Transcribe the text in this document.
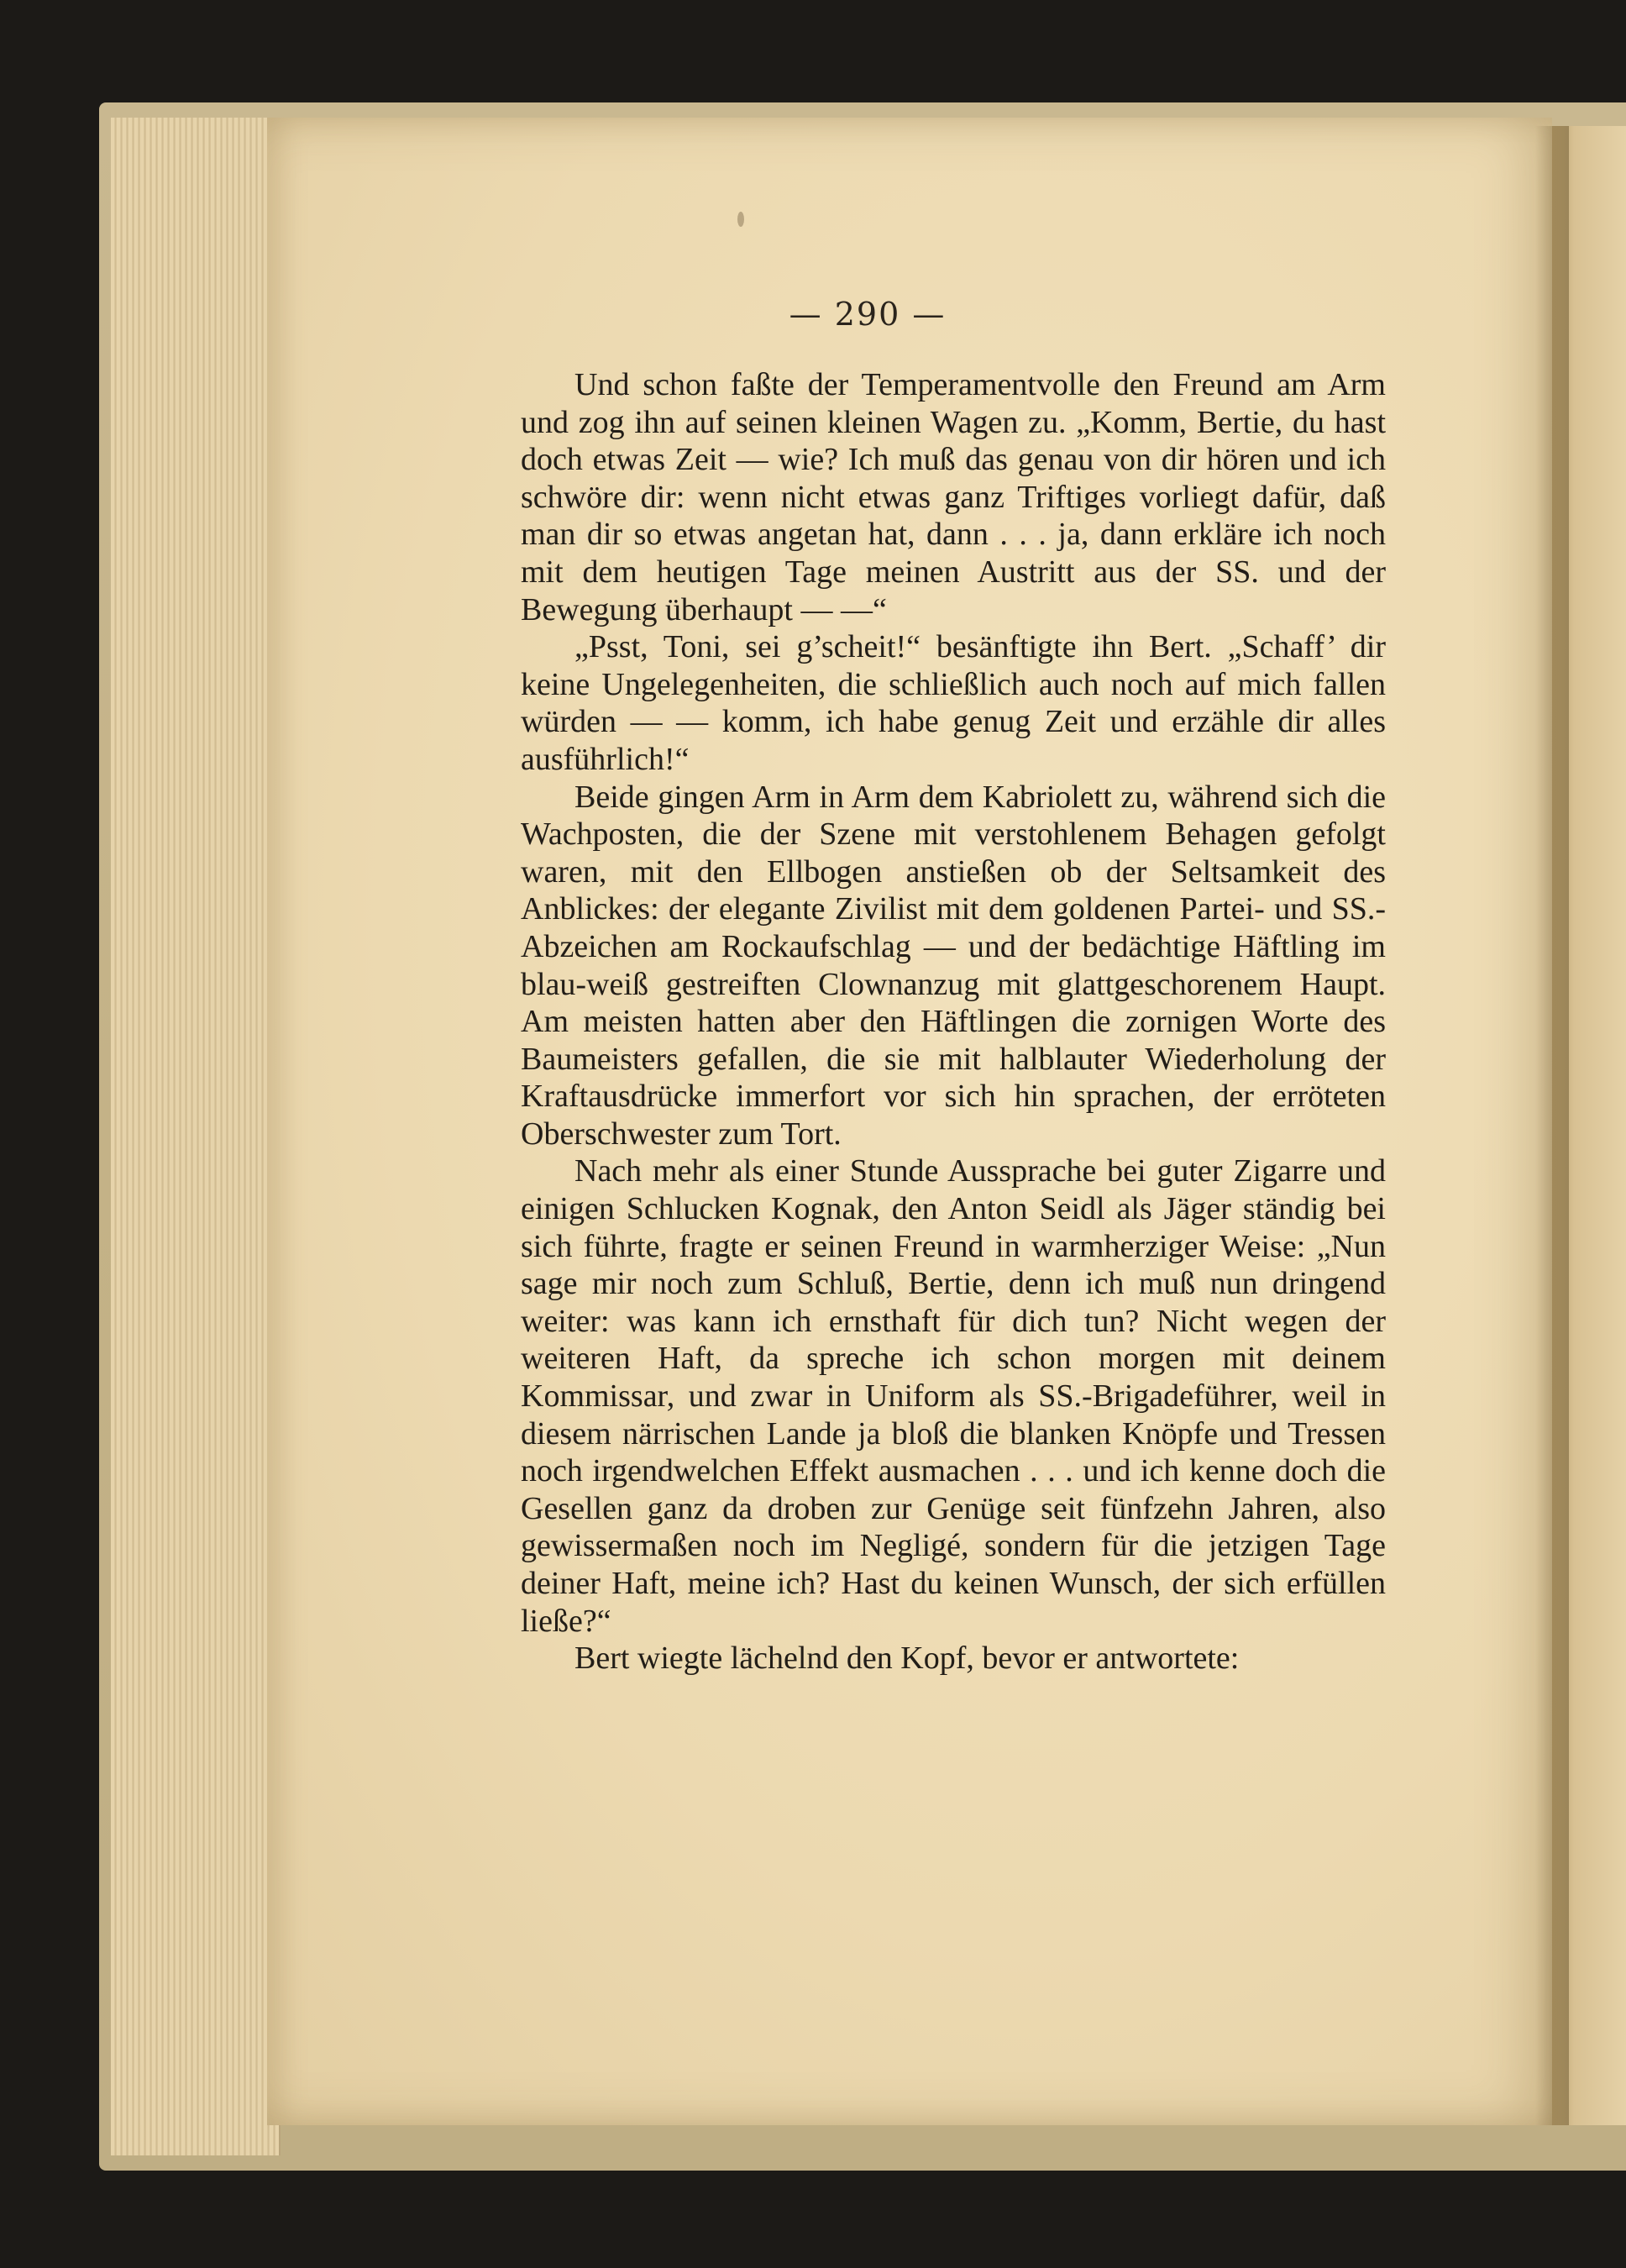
— 290 —

Und schon faßte der Temperamentvolle den Freund am Arm und zog ihn auf seinen kleinen Wagen zu. „Komm, Bertie, du hast doch etwas Zeit — wie? Ich muß das genau von dir hören und ich schwöre dir: wenn nicht etwas ganz Triftiges vorliegt dafür, daß man dir so etwas angetan hat, dann . . . ja, dann erkläre ich noch mit dem heutigen Tage meinen Austritt aus der SS. und der Bewegung überhaupt — —“

„Psst, Toni, sei g’scheit!“ besänftigte ihn Bert. „Schaff’ dir keine Ungelegenheiten, die schließlich auch noch auf mich fallen würden — — komm, ich habe genug Zeit und erzähle dir alles ausführlich!“

Beide gingen Arm in Arm dem Kabriolett zu, während sich die Wachposten, die der Szene mit verstohlenem Behagen gefolgt waren, mit den Ellbogen anstießen ob der Seltsamkeit des Anblickes: der elegante Zivilist mit dem goldenen Partei- und SS.-Abzeichen am Rockaufschlag — und der bedächtige Häftling im blau-weiß gestreiften Clownanzug mit glattgeschorenem Haupt. Am meisten hatten aber den Häftlingen die zornigen Worte des Baumeisters gefallen, die sie mit halblauter Wiederholung der Kraftausdrücke immerfort vor sich hin sprachen, der erröteten Oberschwester zum Tort.

Nach mehr als einer Stunde Aussprache bei guter Zigarre und einigen Schlucken Kognak, den Anton Seidl als Jäger ständig bei sich führte, fragte er seinen Freund in warmherziger Weise: „Nun sage mir noch zum Schluß, Bertie, denn ich muß nun dringend weiter: was kann ich ernsthaft für dich tun? Nicht wegen der weiteren Haft, da spreche ich schon morgen mit deinem Kommissar, und zwar in Uniform als SS.-Brigadeführer, weil in diesem närrischen Lande ja bloß die blanken Knöpfe und Tressen noch irgendwelchen Effekt ausmachen . . . und ich kenne doch die Gesellen ganz da droben zur Genüge seit fünfzehn Jahren, also gewissermaßen noch im Negligé, sondern für die jetzigen Tage deiner Haft, meine ich? Hast du keinen Wunsch, der sich erfüllen ließe?“

Bert wiegte lächelnd den Kopf, bevor er antwortete:
